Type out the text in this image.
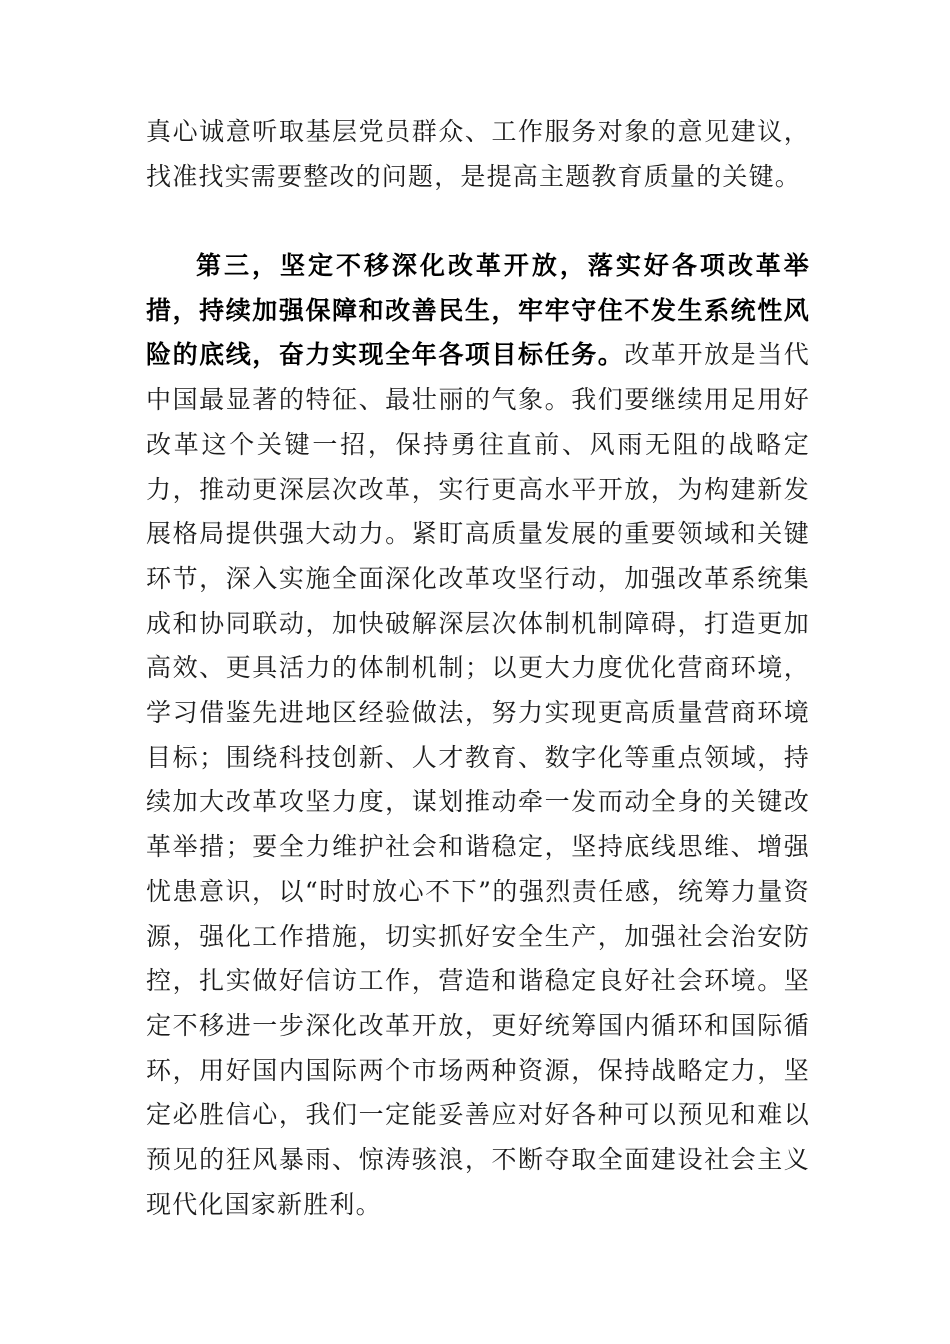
真心诚意听取基层党员群众、工作服务对象的意见建议，找准找实需要整改的问题，是提高主题教育质量的关键。

第三，坚定不移深化改革开放，落实好各项改革举措，持续加强保障和改善民生，牢牢守住不发生系统性风险的底线，奋力实现全年各项目标任务。改革开放是当代中国最显著的特征、最壮丽的气象。我们要继续用足用好改革这个关键一招，保持勇往直前、风雨无阻的战略定力，推动更深层次改革，实行更高水平开放，为构建新发展格局提供强大动力。紧盯高质量发展的重要领域和关键环节，深入实施全面深化改革攻坚行动，加强改革系统集成和协同联动，加快破解深层次体制机制障碍，打造更加高效、更具活力的体制机制；以更大力度优化营商环境，学习借鉴先进地区经验做法，努力实现更高质量营商环境目标；围绕科技创新、人才教育、数字化等重点领域，持续加大改革攻坚力度，谋划推动牵一发而动全身的关键改革举措；要全力维护社会和谐稳定，坚持底线思维、增强忧患意识，以“时时放心不下”的强烈责任感，统筹力量资源，强化工作措施，切实抓好安全生产，加强社会治安防控，扎实做好信访工作，营造和谐稳定良好社会环境。坚定不移进一步深化改革开放，更好统筹国内循环和国际循环，用好国内国际两个市场两种资源，保持战略定力，坚定必胜信心，我们一定能妥善应对好各种可以预见和难以预见的狂风暴雨、惊涛骇浪，不断夺取全面建设社会主义现代化国家新胜利。
